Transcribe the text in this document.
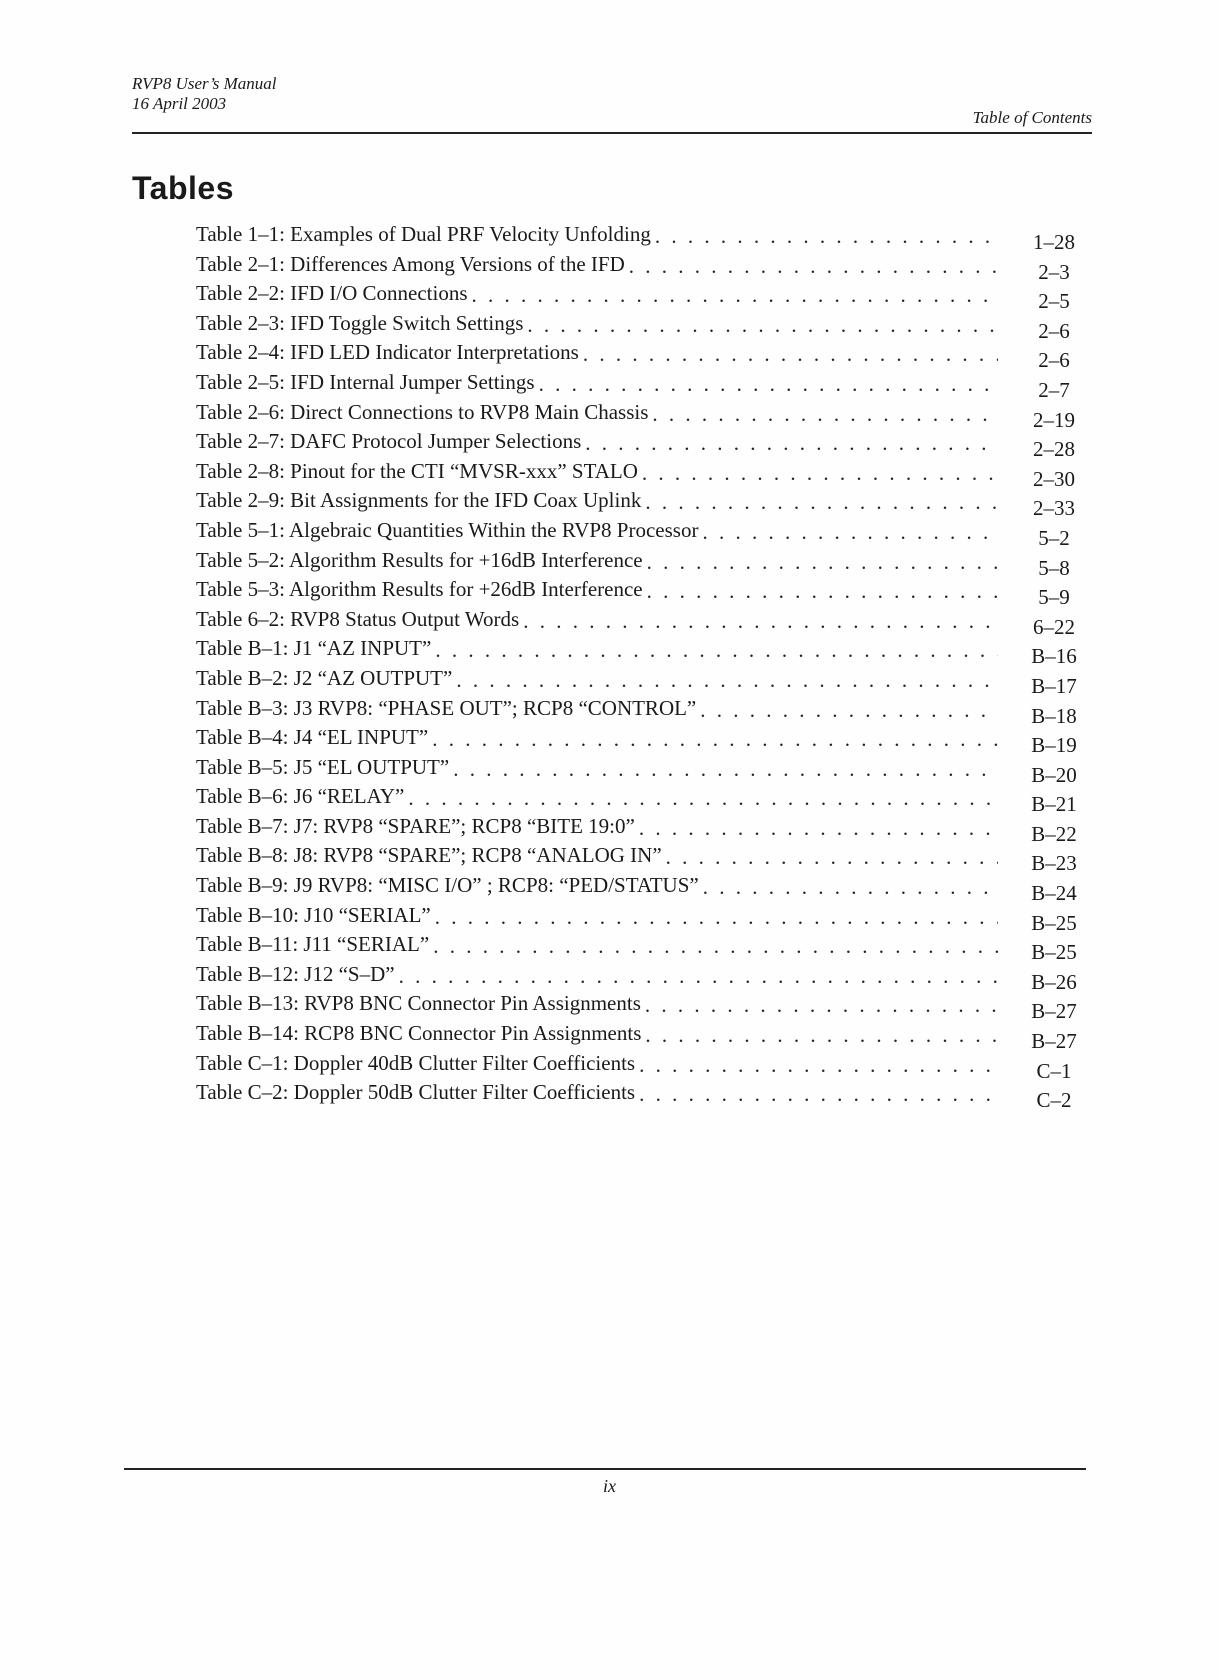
RVP8 User’s Manual
16 April 2003
Table of Contents
Tables
Table 1–1: Examples of Dual PRF Velocity Unfolding . . .	1–28
Table 2–1: Differences Among Versions of the IFD . . .	2–3
Table 2–2: IFD I/O Connections . . .	2–5
Table 2–3: IFD Toggle Switch Settings . . .	2–6
Table 2–4: IFD LED Indicator Interpretations . . .	2–6
Table 2–5: IFD Internal Jumper Settings . . .	2–7
Table 2–6: Direct Connections to RVP8 Main Chassis . . .	2–19
Table 2–7: DAFC Protocol Jumper Selections . . .	2–28
Table 2–8: Pinout for the CTI “MVSR-xxx” STALO . . .	2–30
Table 2–9: Bit Assignments for the IFD Coax Uplink . . .	2–33
Table 5–1: Algebraic Quantities Within the RVP8 Processor . . .	5–2
Table 5–2: Algorithm Results for +16dB Interference . . .	5–8
Table 5–3: Algorithm Results for +26dB Interference . . .	5–9
Table 6–2: RVP8 Status Output Words . . .	6–22
Table B–1: J1 “AZ INPUT” . . .	B–16
Table B–2: J2 “AZ OUTPUT” . . .	B–17
Table B–3: J3 RVP8: “PHASE OUT”; RCP8 “CONTROL” . . .	B–18
Table B–4: J4 “EL INPUT” . . .	B–19
Table B–5: J5 “EL OUTPUT” . . .	B–20
Table B–6: J6 “RELAY” . . .	B–21
Table B–7: J7: RVP8 “SPARE”; RCP8 “BITE 19:0” . . .	B–22
Table B–8: J8: RVP8 “SPARE”; RCP8 “ANALOG IN” . . .	B–23
Table B–9: J9 RVP8: “MISC I/O” ; RCP8: “PED/STATUS” . . .	B–24
Table B–10: J10 “SERIAL” . . .	B–25
Table B–11: J11 “SERIAL” . . .	B–25
Table B–12: J12 “S–D” . . .	B–26
Table B–13: RVP8 BNC Connector Pin Assignments . . .	B–27
Table B–14: RCP8 BNC Connector Pin Assignments . . .	B–27
Table C–1: Doppler 40dB Clutter Filter Coefficients . . .	C–1
Table C–2: Doppler 50dB Clutter Filter Coefficients . . .	C–2
ix
